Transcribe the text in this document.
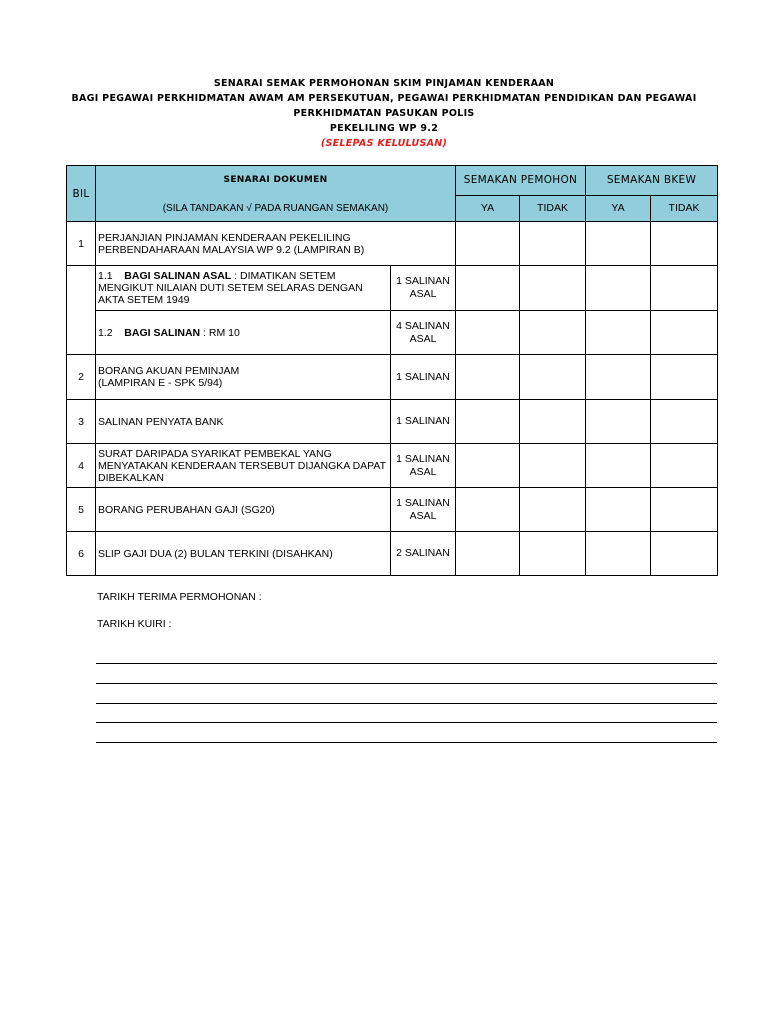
SENARAI SEMAK PERMOHONAN SKIM PINJAMAN KENDERAAN
BAGI PEGAWAI PERKHIDMATAN AWAM AM PERSEKUTUAN, PEGAWAI PERKHIDMATAN PENDIDIKAN DAN PEGAWAI
PERKHIDMATAN PASUKAN POLIS
PEKELILING WP 9.2
(SELEPAS KELULUSAN)
BIL	SENARAI DOKUMEN
(SILA TANDAKAN √ PADA RUANGAN SEMAKAN)		SEMAKAN PEMOHON		SEMAKAN BKEW	
			YA	TIDAK	YA	TIDAK
1	PERJANJIAN PINJAMAN KENDERAAN PEKELILING PERBENDAHARAAN MALAYSIA WP 9.2 (LAMPIRAN B)					
	1.1 BAGI SALINAN ASAL : DIMATIKAN SETEM MENGIKUT NILAIAN DUTI SETEM SELARAS DENGAN AKTA SETEM 1949	1 SALINAN
ASAL				

	1.2 BAGI SALINAN : RM 10	4 SALINAN
ASAL				

2	BORANG AKUAN PEMINJAM
(LAMPIRAN E - SPK 5/94)	1 SALINAN				
3	SALINAN PENYATA BANK	1 SALINAN				
4	SURAT DARIPADA SYARIKAT PEMBEKAL YANG MENYATAKAN KENDERAAN TERSEBUT DIJANGKA DAPAT DIBEKALKAN	1 SALINAN
ASAL				

5	BORANG PERUBAHAN GAJI (SG20)	1 SALINAN
ASAL				

6	SLIP GAJI DUA (2) BULAN TERKINI (DISAHKAN)	2 SALINAN				
TARIKH TERIMA PERMOHONAN :
TARIKH KUIRI :
